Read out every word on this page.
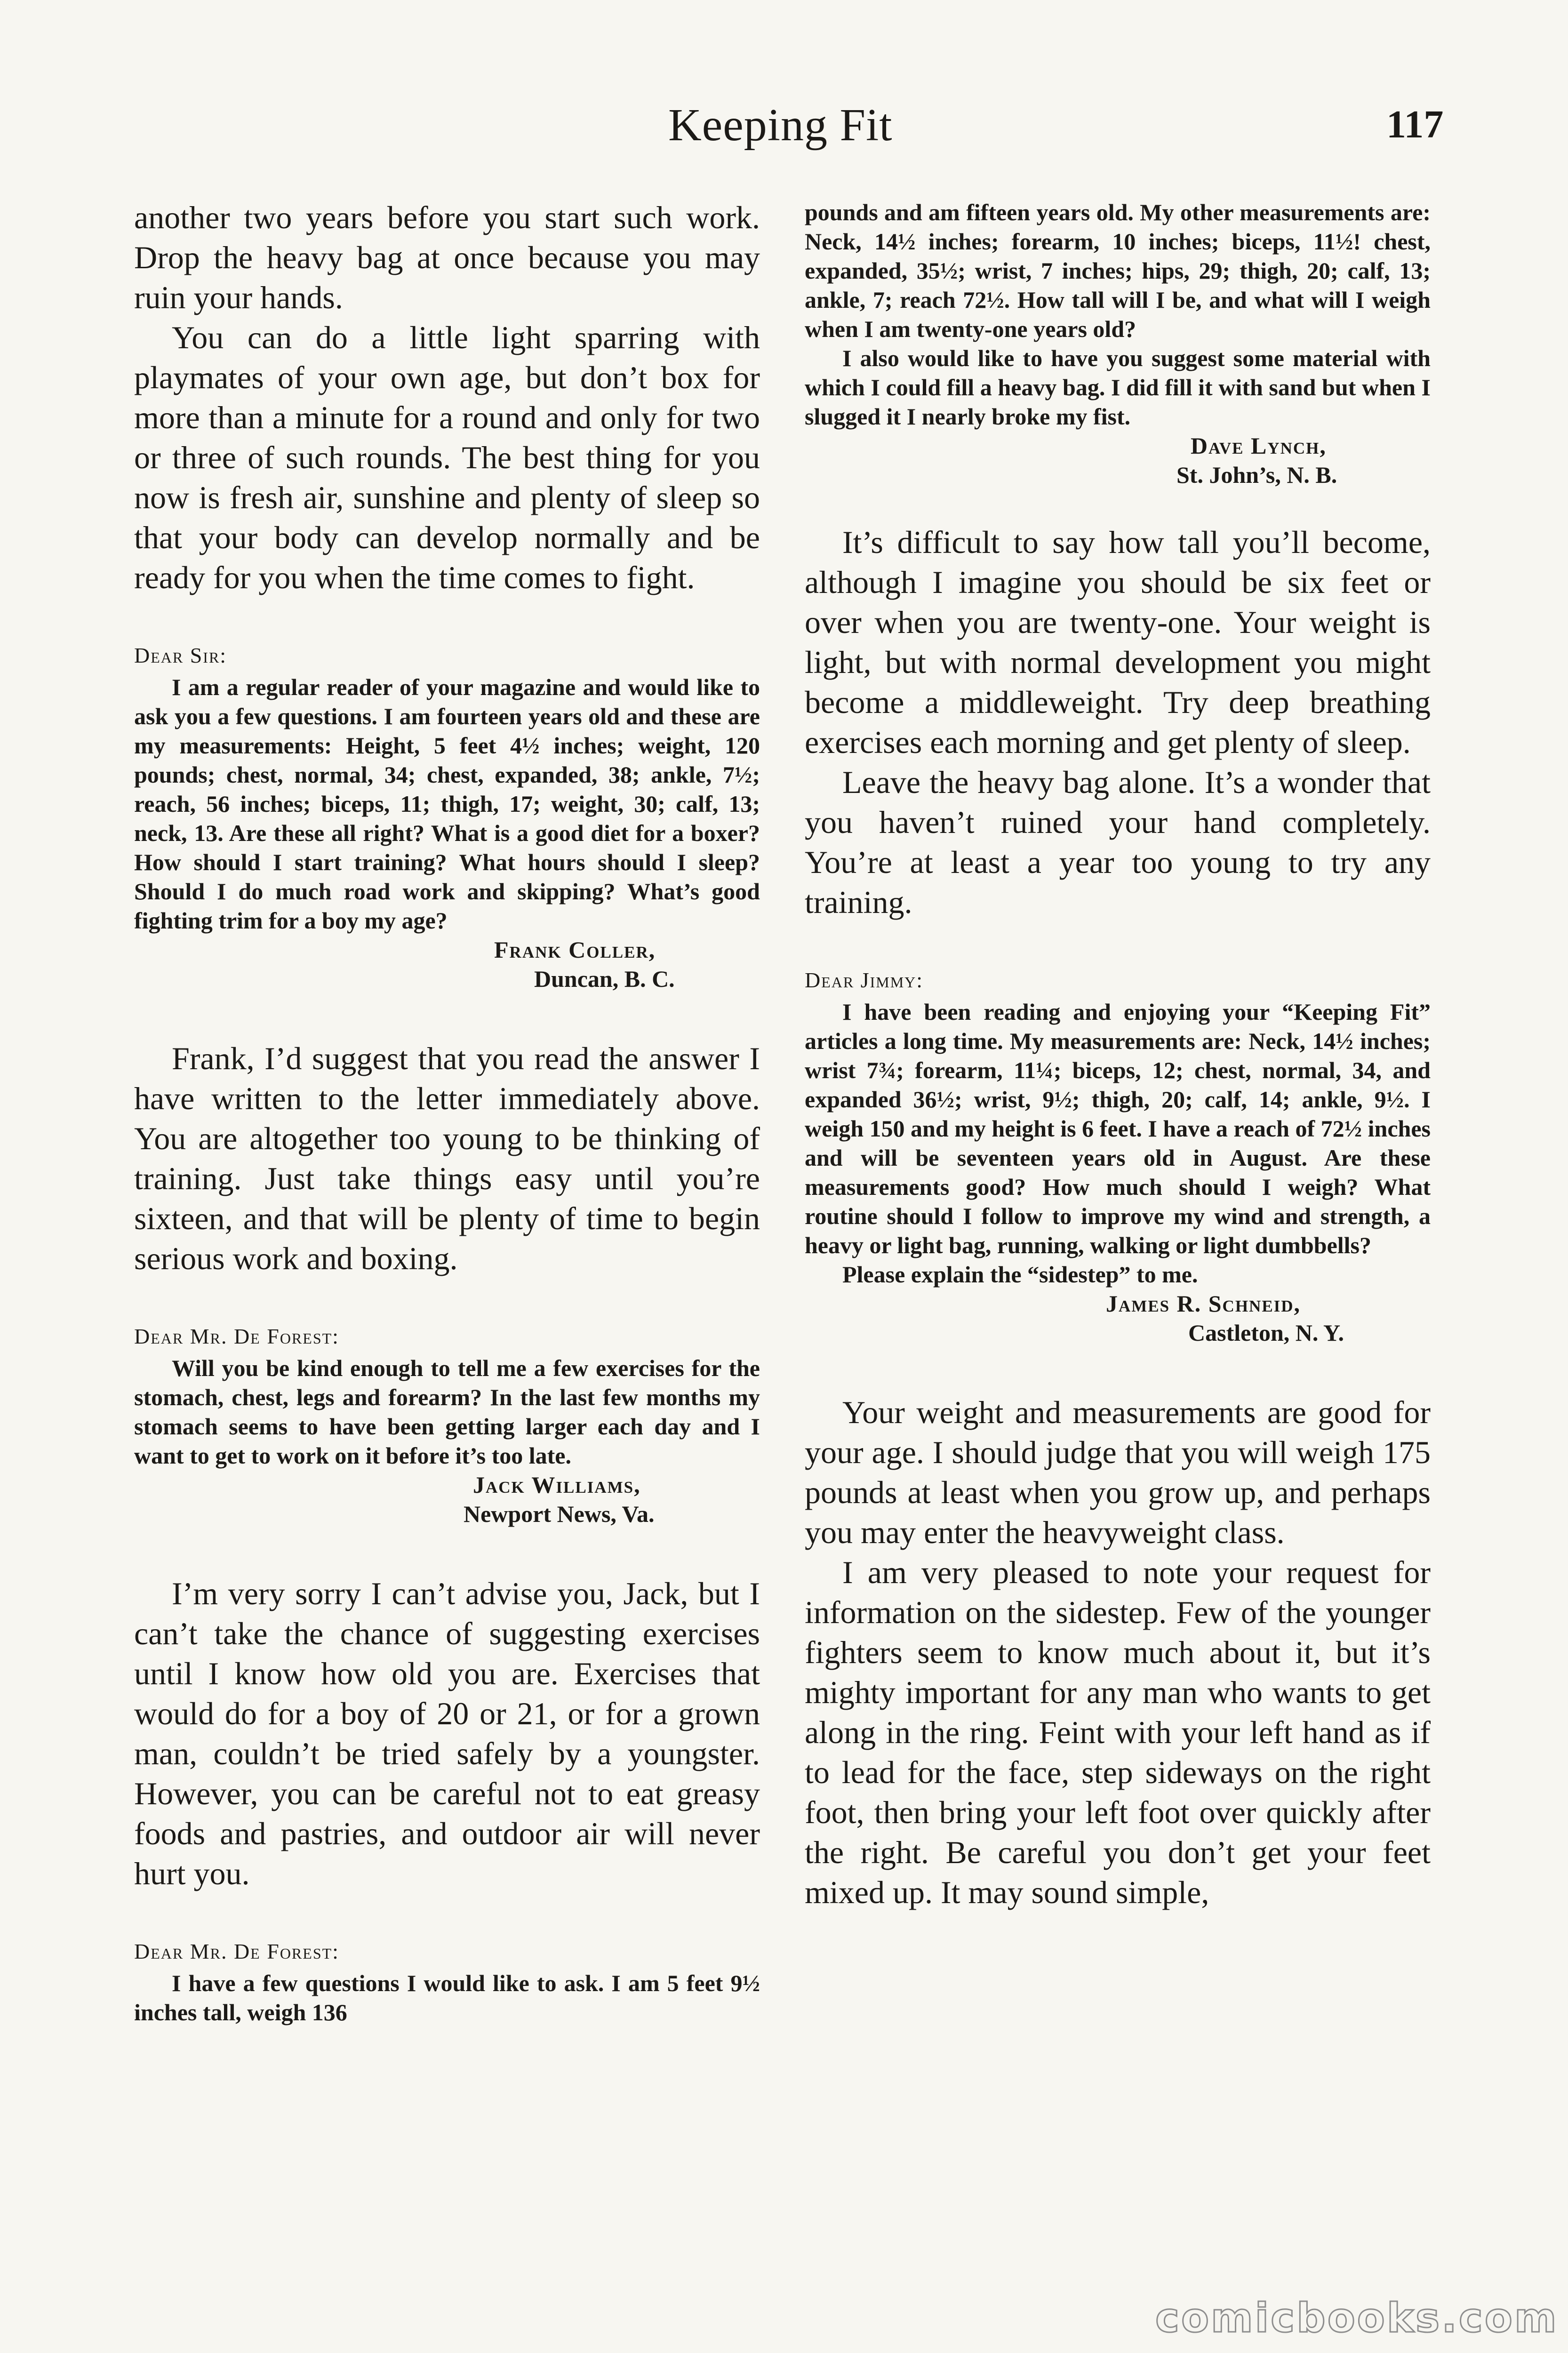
Keeping Fit	117

another two years before you start such work. Drop the heavy bag at once because you may ruin your hands.

You can do a little light sparring with playmates of your own age, but don’t box for more than a minute for a round and only for two or three of such rounds. The best thing for you now is fresh air, sunshine and plenty of sleep so that your body can develop normally and be ready for you when the time comes to fight.

Dear Sir:

I am a regular reader of your magazine and would like to ask you a few questions. I am fourteen years old and these are my measurements: Height, 5 feet 4½ inches; weight, 120 pounds; chest, normal, 34; chest, expanded, 38; ankle, 7½; reach, 56 inches; biceps, 11; thigh, 17; weight, 30; calf, 13; neck, 13. Are these all right? What is a good diet for a boxer? How should I start training? What hours should I sleep? Should I do much road work and skipping? What’s good fighting trim for a boy my age?

Frank Coller,
Duncan, B. C.

Frank, I’d suggest that you read the answer I have written to the letter immediately above. You are altogether too young to be thinking of training. Just take things easy until you’re sixteen, and that will be plenty of time to begin serious work and boxing.

Dear Mr. De Forest:

Will you be kind enough to tell me a few exercises for the stomach, chest, legs and forearm? In the last few months my stomach seems to have been getting larger each day and I want to get to work on it before it’s too late.

Jack Williams,
Newport News, Va.

I’m very sorry I can’t advise you, Jack, but I can’t take the chance of suggesting exercises until I know how old you are. Exercises that would do for a boy of 20 or 21, or for a grown man, couldn’t be tried safely by a youngster. However, you can be careful not to eat greasy foods and pastries, and outdoor air will never hurt you.

Dear Mr. De Forest:

I have a few questions I would like to ask. I am 5 feet 9½ inches tall, weigh 136

pounds and am fifteen years old. My other measurements are: Neck, 14½ inches; forearm, 10 inches; biceps, 11½! chest, expanded, 35½; wrist, 7 inches; hips, 29; thigh, 20; calf, 13; ankle, 7; reach 72½. How tall will I be, and what will I weigh when I am twenty-one years old?

I also would like to have you suggest some material with which I could fill a heavy bag. I did fill it with sand but when I slugged it I nearly broke my fist.

Dave Lynch,
St. John’s, N. B.

It’s difficult to say how tall you’ll become, although I imagine you should be six feet or over when you are twenty-one. Your weight is light, but with normal development you might become a middleweight. Try deep breathing exercises each morning and get plenty of sleep.

Leave the heavy bag alone. It’s a wonder that you haven’t ruined your hand completely. You’re at least a year too young to try any training.

Dear Jimmy:

I have been reading and enjoying your “Keeping Fit” articles a long time. My measurements are: Neck, 14½ inches; wrist 7¾; forearm, 11¼; biceps, 12; chest, normal, 34, and expanded 36½; wrist, 9½; thigh, 20; calf, 14; ankle, 9½. I weigh 150 and my height is 6 feet. I have a reach of 72½ inches and will be seventeen years old in August. Are these measurements good? How much should I weigh? What routine should I follow to improve my wind and strength, a heavy or light bag, running, walking or light dumbbells?

Please explain the “sidestep” to me.

James R. Schneid,
Castleton, N. Y.

Your weight and measurements are good for your age. I should judge that you will weigh 175 pounds at least when you grow up, and perhaps you may enter the heavyweight class.

I am very pleased to note your request for information on the sidestep. Few of the younger fighters seem to know much about it, but it’s mighty important for any man who wants to get along in the ring. Feint with your left hand as if to lead for the face, step sideways on the right foot, then bring your left foot over quickly after the right. Be careful you don’t get your feet mixed up. It may sound simple,

comicbooks.com
